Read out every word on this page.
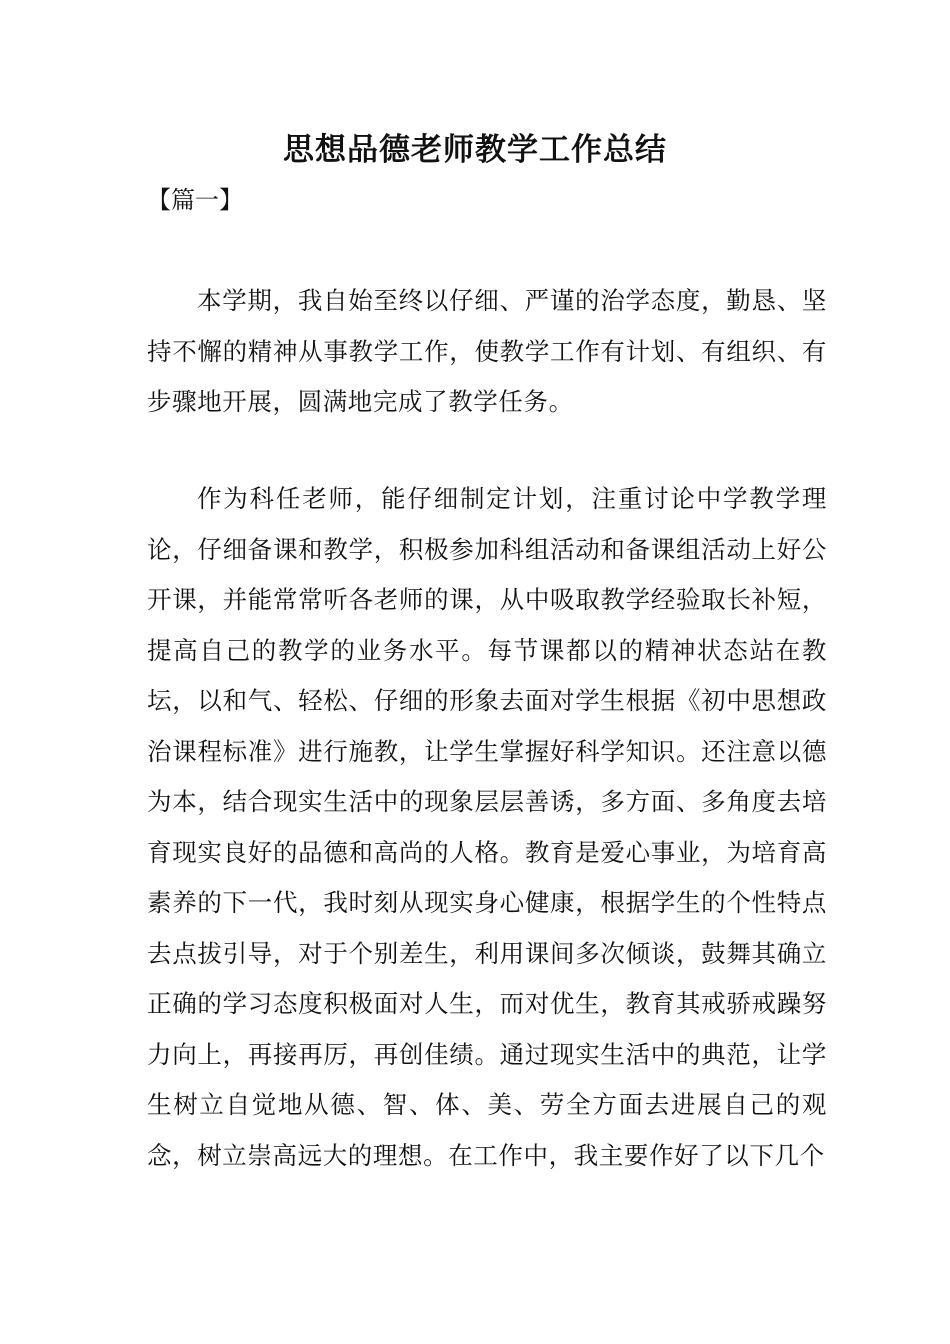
思想品德老师教学工作总结
【篇一】

本学期，我自始至终以仔细、严谨的治学态度，勤恳、坚持不懈的精神从事教学工作，使教学工作有计划、有组织、有步骤地开展，圆满地完成了教学任务。

作为科任老师，能仔细制定计划，注重讨论中学教学理论，仔细备课和教学，积极参加科组活动和备课组活动上好公开课，并能常常听各老师的课，从中吸取教学经验取长补短，提高自己的教学的业务水平。每节课都以的精神状态站在教坛，以和气、轻松、仔细的形象去面对学生根据《初中思想政治课程标准》进行施教，让学生掌握好科学知识。还注意以德为本，结合现实生活中的现象层层善诱，多方面、多角度去培育现实良好的品德和高尚的人格。教育是爱心事业，为培育高素养的下一代，我时刻从现实身心健康，根据学生的个性特点去点拔引导，对于个别差生，利用课间多次倾谈，鼓舞其确立正确的学习态度积极面对人生，而对优生，教育其戒骄戒躁努力向上，再接再厉，再创佳绩。通过现实生活中的典范，让学生树立自觉地从德、智、体、美、劳全方面去进展自己的观念，树立崇高远大的理想。在工作中，我主要作好了以下几个
